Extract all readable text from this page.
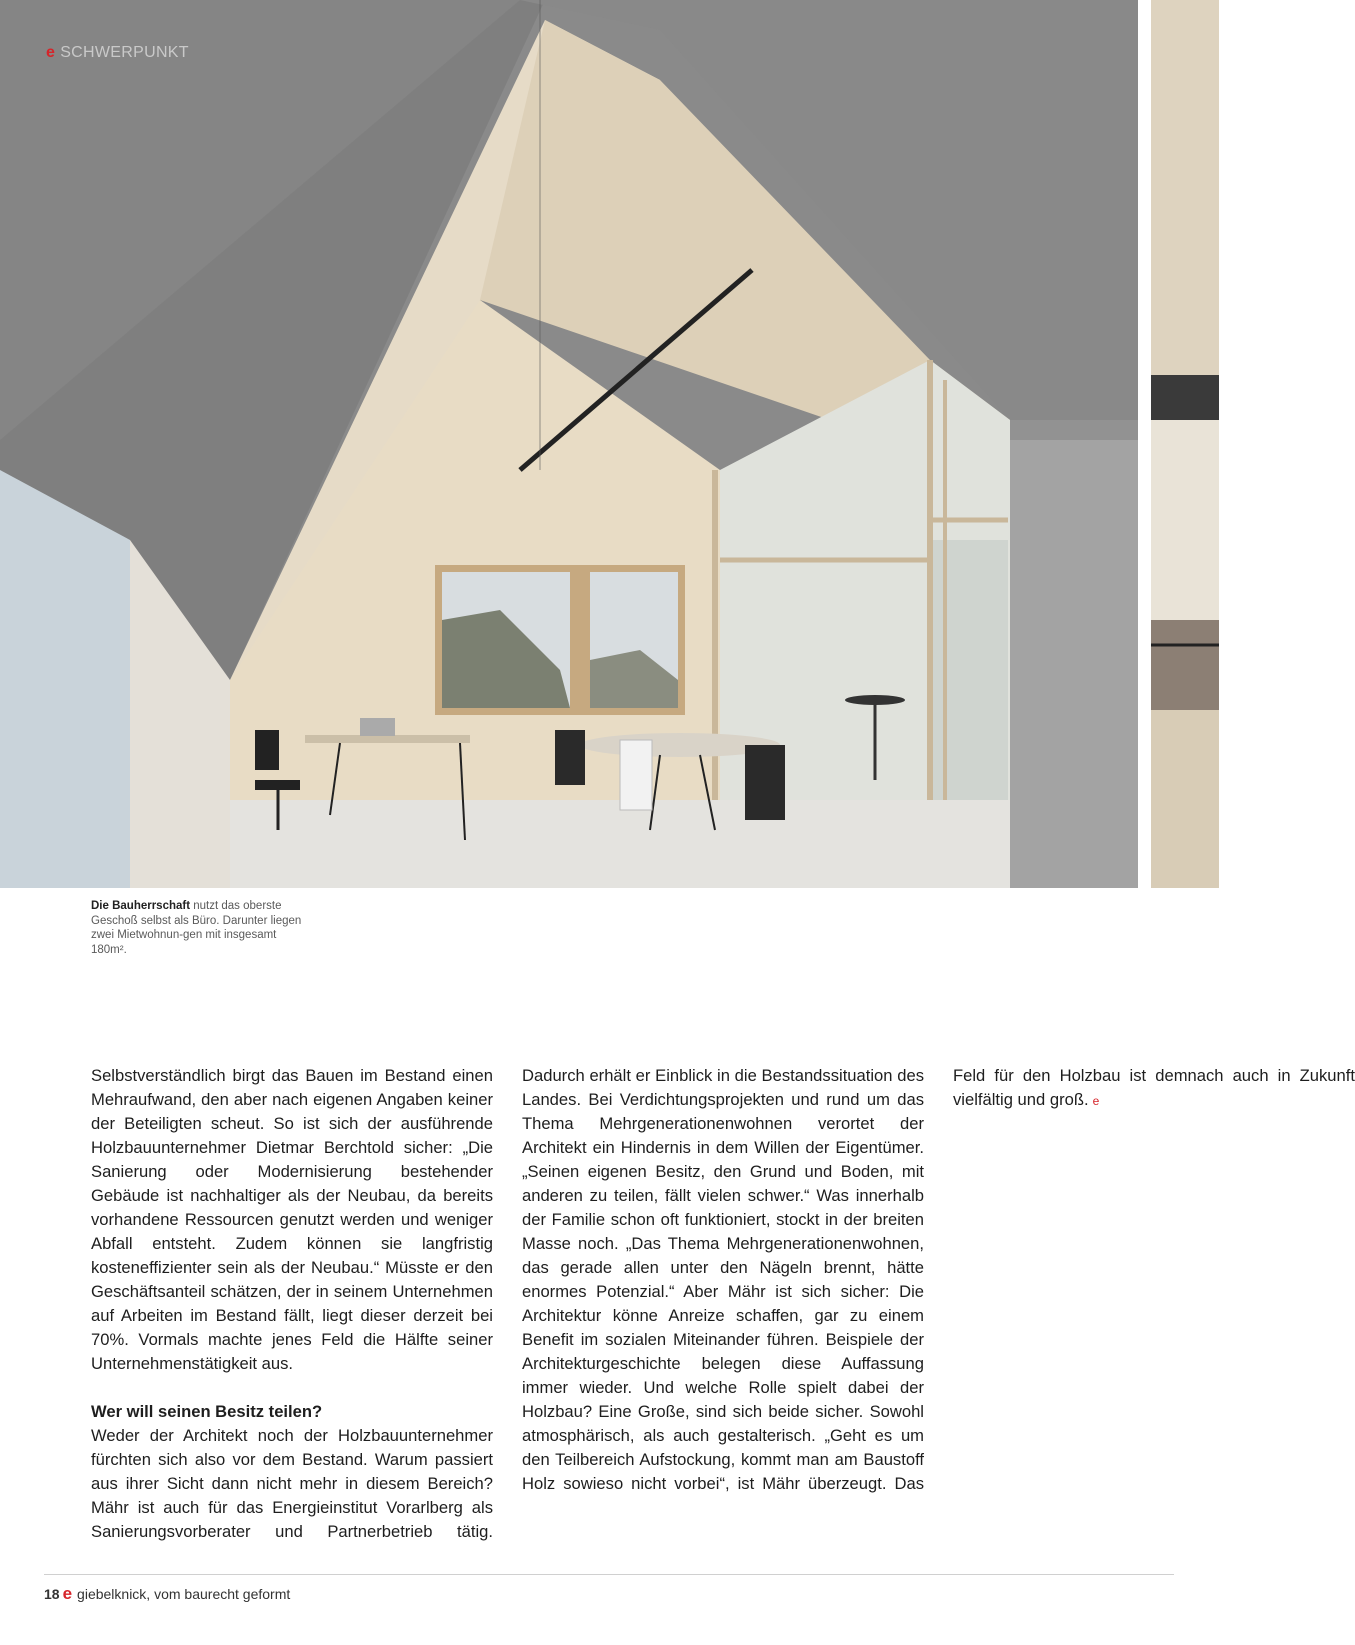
e SCHWERPUNKT
Die Bauherrschaft nutzt das oberste Geschoß selbst als Büro. Darunter liegen zwei Mietwohnun-gen mit insgesamt 180m².

Selbstverständlich birgt das Bauen im Bestand einen Mehraufwand, den aber nach eigenen Angaben keiner der Beteiligten scheut. So ist sich der ausführende Holzbauunternehmer Dietmar Berchtold sicher: „Die Sanierung oder Modernisierung bestehender Gebäude ist nachhaltiger als der Neubau, da bereits vorhandene Ressourcen genutzt werden und weniger Abfall entsteht. Zudem können sie langfristig kosteneffizienter sein als der Neubau.“ Müsste er den Geschäftsanteil schätzen, der in seinem Unternehmen auf Arbeiten im Bestand fällt, liegt dieser derzeit bei 70%. Vormals machte jenes Feld die Hälfte seiner Unternehmenstätigkeit aus.

Wer will seinen Besitz teilen?

Weder der Architekt noch der Holzbauunternehmer fürchten sich also vor dem Bestand. Warum passiert aus ihrer Sicht dann nicht mehr in diesem Bereich? Mähr ist auch für das Energieinstitut Vorarlberg als Sanierungsvorberater und Partnerbetrieb tätig. Dadurch erhält er Einblick in die Bestandssituation des Landes. Bei Verdichtungsprojekten und rund um das Thema Mehrgenerationenwohnen verortet der Architekt ein Hindernis in dem Willen der Eigentümer. „Seinen eigenen Besitz, den Grund und Boden, mit anderen zu teilen, fällt vielen schwer.“ Was innerhalb der Familie schon oft funktioniert, stockt in der breiten Masse noch. „Das Thema Mehrgenerationenwohnen, das gerade allen unter den Nägeln brennt, hätte enormes Potenzial.“ Aber Mähr ist sich sicher: Die Architektur könne Anreize schaffen, gar zu einem Benefit im sozialen Miteinander führen. Beispiele der Architekturgeschichte belegen diese Auffassung immer wieder. Und welche Rolle spielt dabei der Holzbau? Eine Große, sind sich beide sicher. Sowohl atmosphärisch, als auch gestalterisch. „Geht es um den Teilbereich Aufstockung, kommt man am Baustoff Holz sowieso nicht vorbei“, ist Mähr überzeugt. Das Feld für den Holzbau ist demnach auch in Zukunft vielfältig und groß. e

18 e giebelknick, vom baurecht geformt
